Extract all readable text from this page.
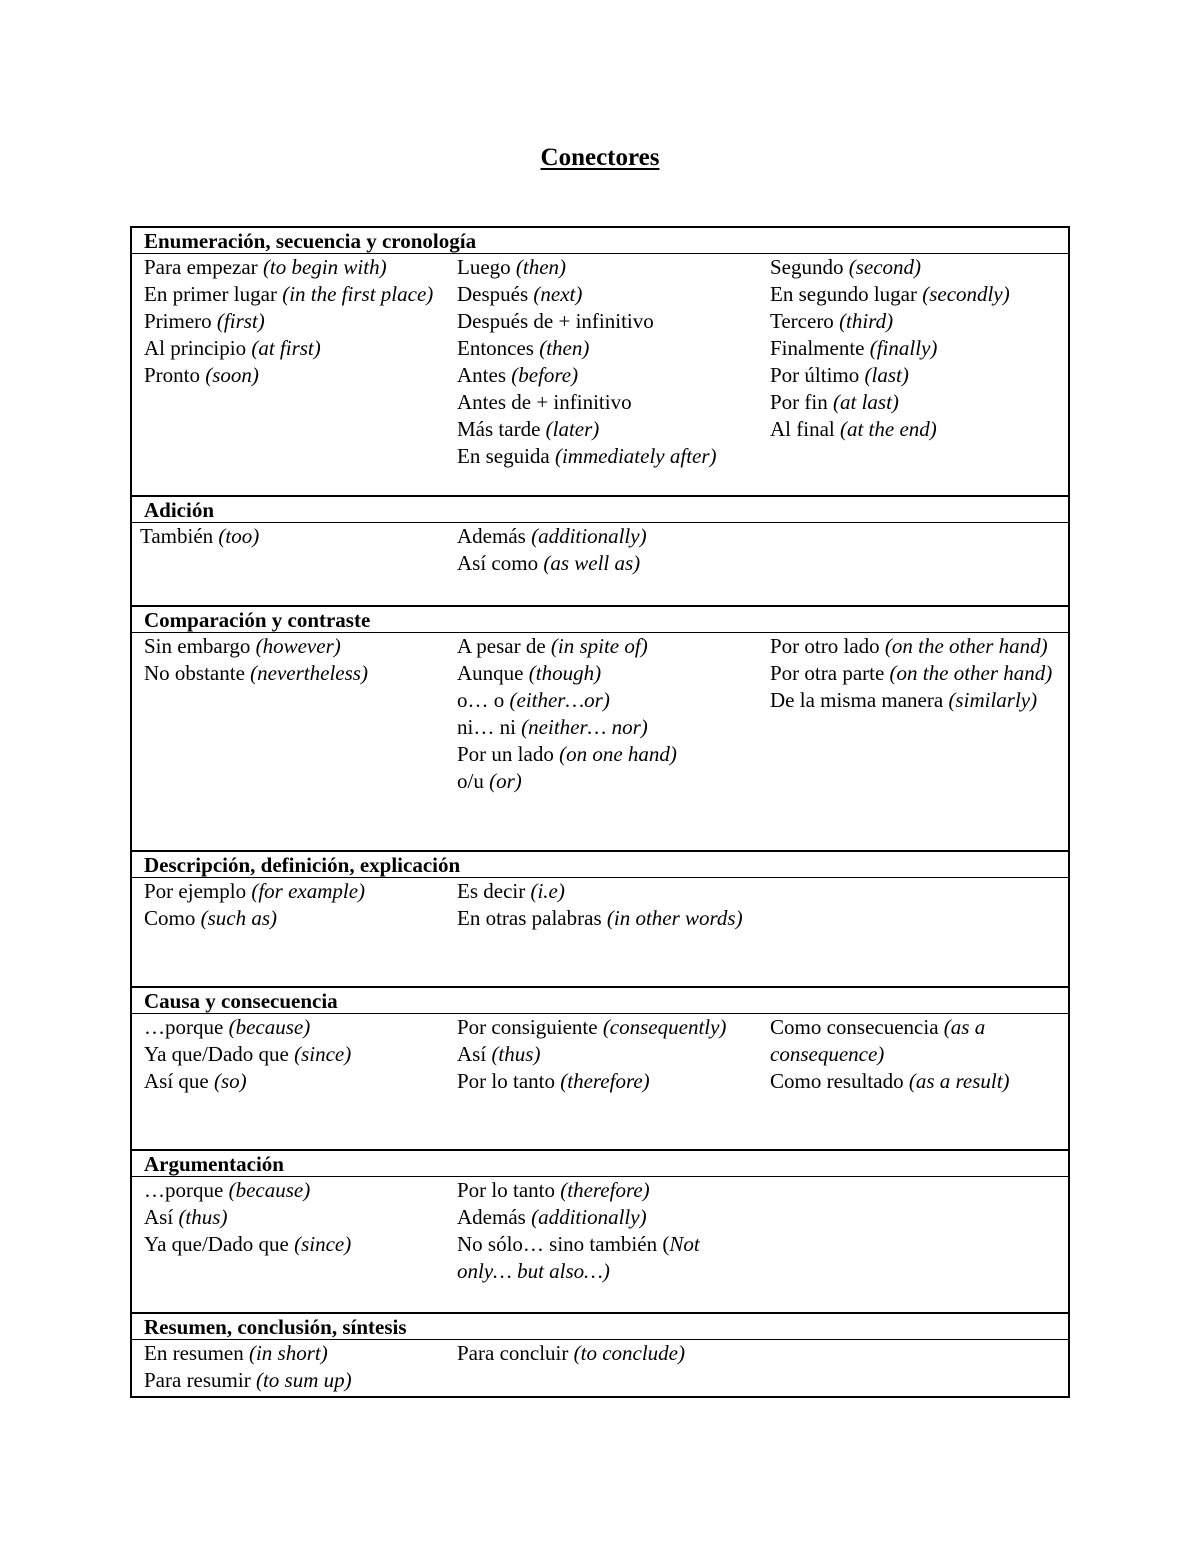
Conectores
Enumeración, secuencia y cronología
Para empezar (to begin with)
En primer lugar (in the first place)
Primero (first)
Al principio (at first)
Pronto (soon)
Luego (then)
Después (next)
Después de + infinitivo
Entonces (then)
Antes (before)
Antes de + infinitivo
Más tarde (later)
En seguida (immediately after)
Segundo (second)
En segundo lugar (secondly)
Tercero (third)
Finalmente (finally)
Por último (last)
Por fin (at last)
Al final (at the end)
Adición
También (too)	Además (additionally)
Así como (as well as)
Comparación y contraste
Sin embargo (however)
No obstante (nevertheless)
A pesar de (in spite of)
Aunque (though)
o… o (either…or)
ni… ni (neither… nor)
Por un lado (on one hand)
o/u (or)
Por otro lado (on the other hand)
Por otra parte (on the other hand)
De la misma manera (similarly)
Descripción, definición, explicación
Por ejemplo (for example)
Como (such as)
Es decir (i.e)
En otras palabras (in other words)
Causa y consecuencia
…porque (because)
Ya que/Dado que (since)
Así que (so)
Por consiguiente (consequently)
Así (thus)
Por lo tanto (therefore)
Como consecuencia (as a consequence)
Como resultado (as a result)
Argumentación
…porque (because)
Así (thus)
Ya que/Dado que (since)
Por lo tanto (therefore)
Además (additionally)
No sólo… sino también (Not only… but also…)
Resumen, conclusión, síntesis
En resumen (in short)
Para resumir (to sum up)
Para concluir (to conclude)
